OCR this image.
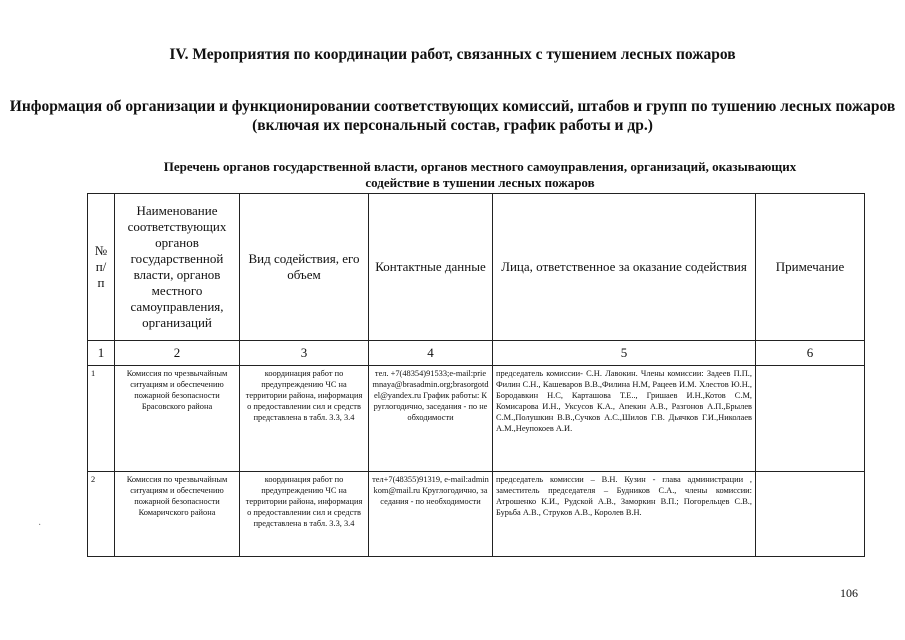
IV. Мероприятия по координации работ, связанных с тушением лесных пожаров
Информация об организации и функционировании соответствующих комиссий, штабов и групп по тушению лесных пожаров (включая их персональный состав, график работы и др.)
Перечень органов государственной власти, органов местного самоуправления, организаций, оказывающих содействие в тушении лесных пожаров
№ п/ п	Наименование соответствующих органов государственной власти, органов местного самоуправления, организаций	Вид содействия, его объем	Контактные данные	Лица, ответственное за оказание содействия	Примечание
1	2	3	4	5	6
1	Комиссия по чрезвычайным ситуациям и обеспечению пожарной безопасности Брасовского района	координация работ по предупреждению ЧС на территории района, информация о предоставлении сил и средств представлена в табл. 3.3, 3.4	тел. +7(48354)91533;e-mail:priemnaya@brasadmin.org;brasorgotdel@yandex.ru График работы: Круглогодично, заседания - по необходимости	председатель комиссии- С.Н. Лавокин. Члены комиссии: Задеев П.П., Филин С.Н., Кашеваров В.В.,Филина Н.М, Рацеев И.М. Хлестов Ю.Н., Бородавкин Н.С, Карташова Т.Е.., Гришаев И.Н.,Котов С.М, Комисарова И.Н., Уксусов К.А., Апекин А.В., Разгонов А.П.,Брылев С.М.,Полушкин В.В.,Сучков А.С.,Шилов Г.В. Дьячков Г.И.,Николаев А.М.,Неупокоев А.И.	
2	Комиссия по чрезвычайным ситуациям и обеспечению пожарной безопасности Комаричского района	координация работ по предупреждению ЧС на территории района, информация о предоставлении сил и средств представлена в табл. 3.3, 3.4	тел+7(48355)91319, e-mail:adminkom@mail.ru Круглогодично, заседания - по необходимости	председатель комиссии – В.Н. Кузин - глава администрации , заместитель председателя – Будников С.А., члены комиссии: Атрошенко К.И., Рудской А.В., Заморкин В.П.; Погорельцев С.В., Бурьба А.В., Струков А.В., Королев В.Н.	
·
106
